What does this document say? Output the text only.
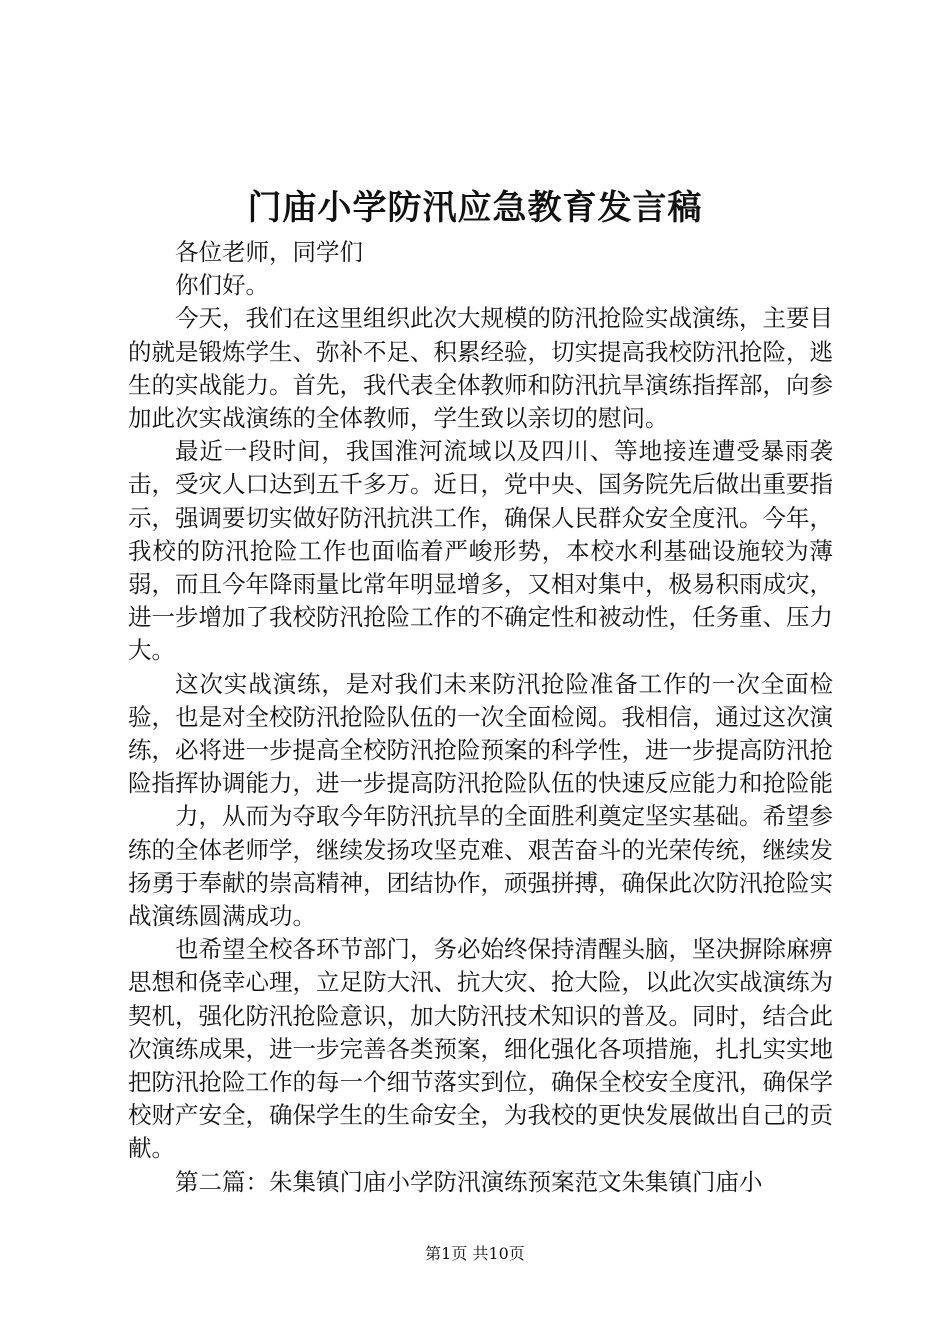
门庙小学防汛应急教育发言稿

各位老师，同学们

你们好。

今天，我们在这里组织此次大规模的防汛抢险实战演练，主要目的就是锻炼学生、弥补不足、积累经验，切实提高我校防汛抢险，逃生的实战能力。首先，我代表全体教师和防汛抗旱演练指挥部，向参加此次实战演练的全体教师，学生致以亲切的慰问。

最近一段时间，我国淮河流域以及四川、等地接连遭受暴雨袭击，受灾人口达到五千多万。近日，党中央、国务院先后做出重要指示，强调要切实做好防汛抗洪工作，确保人民群众安全度汛。今年，我校的防汛抢险工作也面临着严峻形势，本校水利基础设施较为薄弱，而且今年降雨量比常年明显增多，又相对集中，极易积雨成灾，进一步增加了我校防汛抢险工作的不确定性和被动性，任务重、压力大。

这次实战演练，是对我们未来防汛抢险准备工作的一次全面检验，也是对全校防汛抢险队伍的一次全面检阅。我相信，通过这次演练，必将进一步提高全校防汛抢险预案的科学性，进一步提高防汛抢险指挥协调能力，进一步提高防汛抢险队伍的快速反应能力和抢险能

力，从而为夺取今年防汛抗旱的全面胜利奠定坚实基础。希望参练的全体老师学，继续发扬攻坚克难、艰苦奋斗的光荣传统，继续发扬勇于奉献的崇高精神，团结协作，顽强拼搏，确保此次防汛抢险实战演练圆满成功。

也希望全校各环节部门，务必始终保持清醒头脑，坚决摒除麻痹思想和侥幸心理，立足防大汛、抗大灾、抢大险，以此次实战演练为契机，强化防汛抢险意识，加大防汛技术知识的普及。同时，结合此次演练成果，进一步完善各类预案，细化强化各项措施，扎扎实实地把防汛抢险工作的每一个细节落实到位，确保全校安全度汛，确保学校财产安全，确保学生的生命安全，为我校的更快发展做出自己的贡献。

第二篇：朱集镇门庙小学防汛演练预案范文朱集镇门庙小

第1页 共10页
